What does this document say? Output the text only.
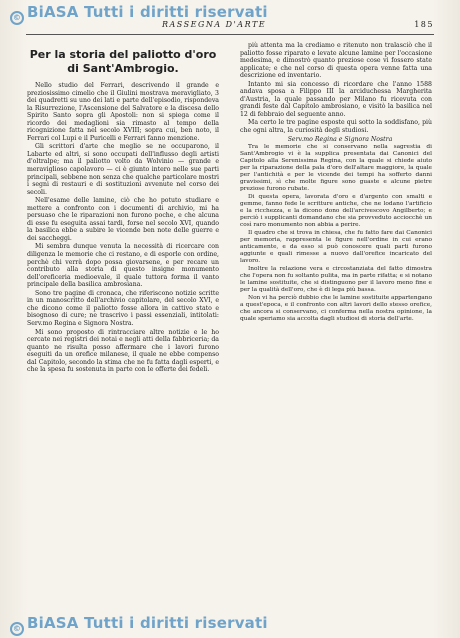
© BiASA Tutti i diritti riservati
RASSEGNA D'ARTE	185
Per la storia del paliotto d'oro
di Sant'Ambrogio.

Nello studio del Ferrari, descrivendo il grande e preziosissimo cimelio che il Giulini mostrava meravigliato, 3 dei quadretti su uno dei lati e parte dell'episodio, rispondeva la Risurrezione, l'Ascensione del Salvatore e la discesa dello Spirito Santo sopra gli Apostoli: non si spiega come il ricordo dei medaglioni sia rimasto al tempo della ricognizione fatta nel secolo XVIII; sopra cui, ben noto, il Ferrari col Lupi e il Puricelli e Ferrari fanno menzione.

Gli scrittori d'arte che meglio se ne occuparono, il Labarte ed altri, si sono occupati dell'influsso degli artisti d'oltralpe; ma il paliotto volto da Wolvinio — grande e meraviglioso capolavoro — ci è giunto intero nelle sue parti principali, sebbene non senza che qualche particolare mostri i segni di restauri e di sostituzioni avvenute nel corso dei secoli.

Nell'esame delle lamine, ciò che ho potuto studiare e mettere a confronto con i documenti di archivio, mi ha persuaso che le riparazioni non furono poche, e che alcuna di esse fu eseguita assai tardi, forse nel secolo XVI, quando la basilica ebbe a subire le vicende ben note delle guerre e dei saccheggi.

Mi sembra dunque venuta la necessità di ricercare con diligenza le memorie che ci restano, e di esporle con ordine, perchè chi verrà dopo possa giovarsene, e per recare un contributo alla storia di questo insigne monumento dell'oreficeria medioevale, il quale tuttora forma il vanto principale della basilica ambrosiana.

Sono tre pagine di cronaca, che riferiscono notizie scritte in un manoscritto dell'archivio capitolare, del secolo XVI, e che dicono come il paliotto fosse allora in cattivo stato e bisognoso di cure; ne trascrivo i passi essenziali, intitolati: Serv.mo Regina e Signora Nostra.

Mi sono proposto di rintracciare altre notizie e le ho cercate nei registri dei notai e negli atti della fabbriceria; da quanto ne risulta posso affermare che i lavori furono eseguiti da un orefice milanese, il quale ne ebbe compenso dal Capitolo, secondo la stima che ne fu fatta dagli esperti, e che la spesa fu sostenuta in parte con le offerte dei fedeli.

più attenta ma la crediamo e ritenuto non tralasciò che il paliotto fosse riparato e levate alcune lamine per l'occasione medesima, e dimostrò quanto preziose cose vi fossero state applicate; e che nel corso di questa opera venne fatta una descrizione ed inventario.

Intanto mi sia concesso di ricordare che l'anno 1588 andava sposa a Filippo III la arciduchessa Margherita d'Austria, la quale passando per Milano fu ricevuta con grandi feste dal Capitolo ambrosiano, e visitò la basilica nel 12 di febbraio del seguente anno.

Ma certo le tre pagine esposte qui sotto la soddisfano, più che ogni altra, la curiosità degli studiosi.

Serv.mo Regina e Signora Nostra

Tra le memorie che si conservano nella sagrestia di Sant'Ambrogio vi è la supplica presentata dai Canonici del Capitolo alla Serenissima Regina, con la quale si chiede aiuto per la riparazione della pala d'oro dell'altare maggiore, la quale per l'antichità e per le vicende dei tempi ha sofferto danni gravissimi, sì che molte figure sono guaste e alcune pietre preziose furono rubate.

Di questa opera, lavorata d'oro e d'argento con smalti e gemme, fanno fede le scritture antiche, che ne lodano l'artificio e la ricchezza, e la dicono dono dell'arcivescovo Angilberto; e perciò i supplicanti domandano che sia provveduto acciocchè un così raro monumento non abbia a perire.

Il quadro che si trova in chiesa, che fu fatto fare dai Canonici per memoria, rappresenta le figure nell'ordine in cui erano anticamente, e da esso si può conoscere quali parti furono aggiunte e quali rimesse a nuovo dall'orefice incaricato del lavoro.

Inoltre la relazione vera e circostanziata del fatto dimostra che l'opera non fu soltanto pulita, ma in parte rifatta; e si notano le lamine sostituite, che si distinguono per il lavoro meno fine e per la qualità dell'oro, che è di lega più bassa.

Non vi ha perciò dubbio che le lamine sostituite appartengano a quest'epoca, e il confronto con altri lavori dello stesso orefice, che ancora si conservano, ci conferma nella nostra opinione, la quale speriamo sia accolta dagli studiosi di storia dell'arte.

© BiASA Tutti i diritti riservati
